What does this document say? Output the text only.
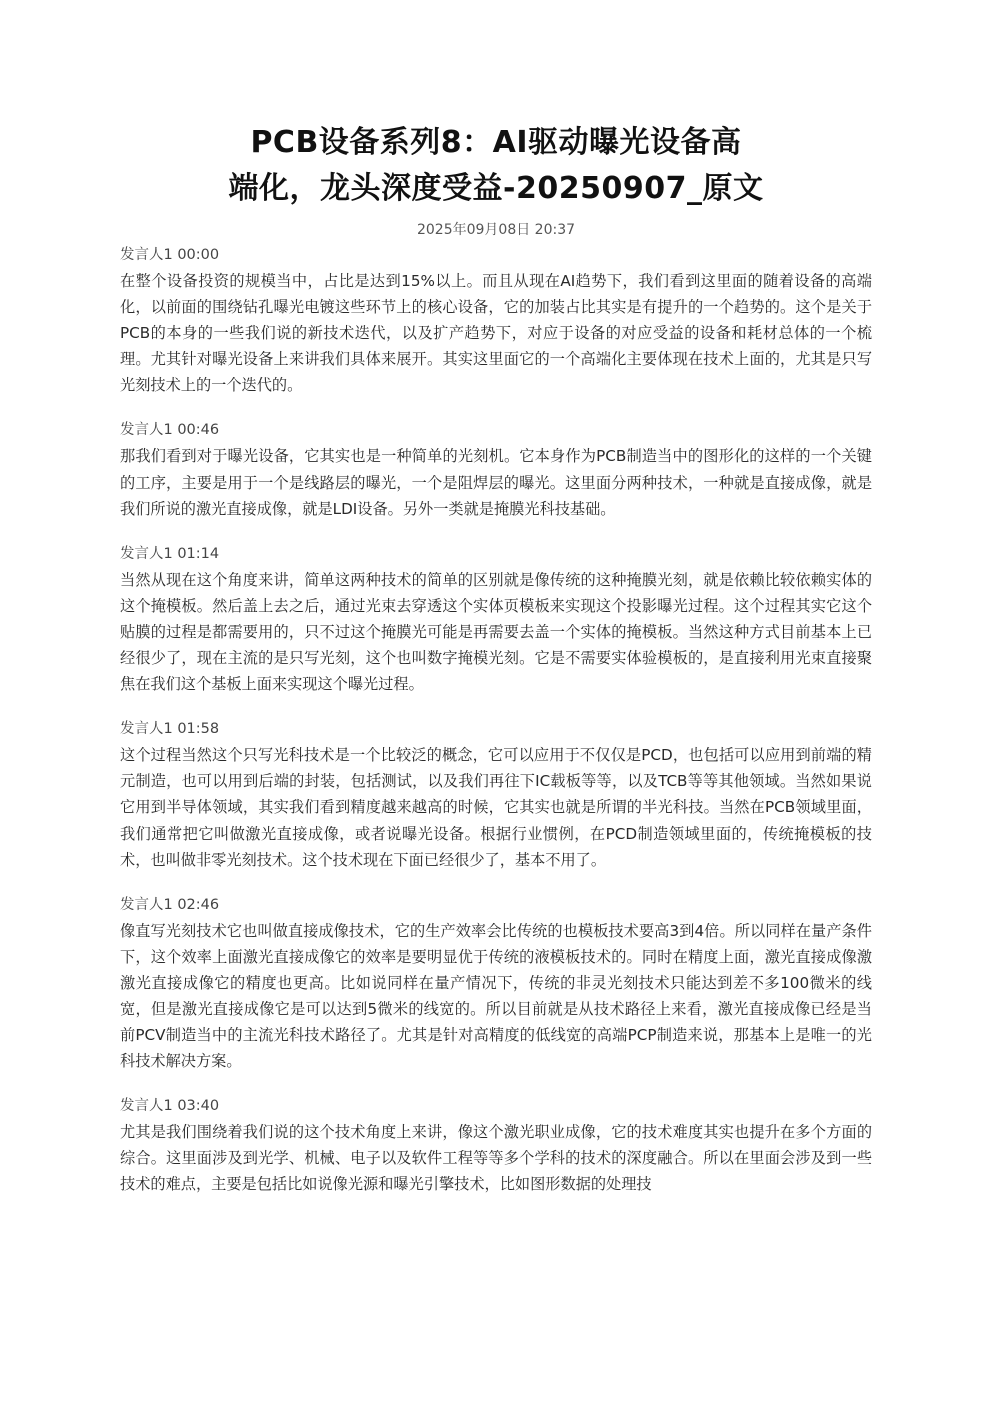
PCB设备系列8：AI驱动曝光设备高
端化，龙头深度受益-20250907_原文
2025年09月08日 20:37
发言人1 00:00

在整个设备投资的规模当中，占比是达到15%以上。而且从现在AI趋势下，我们看到这里面的随着设备的高端化，以前面的围绕钻孔曝光电镀这些环节上的核心设备，它的加装占比其实是有提升的一个趋势的。这个是关于PCB的本身的一些我们说的新技术迭代，以及扩产趋势下，对应于设备的对应受益的设备和耗材总体的一个梳理。尤其针对曝光设备上来讲我们具体来展开。其实这里面它的一个高端化主要体现在技术上面的，尤其是只写光刻技术上的一个迭代的。

发言人1 00:46

那我们看到对于曝光设备，它其实也是一种简单的光刻机。它本身作为PCB制造当中的图形化的这样的一个关键的工序，主要是用于一个是线路层的曝光，一个是阻焊层的曝光。这里面分两种技术，一种就是直接成像，就是我们所说的激光直接成像，就是LDI设备。另外一类就是掩膜光科技基础。

发言人1 01:14

当然从现在这个角度来讲，简单这两种技术的简单的区别就是像传统的这种掩膜光刻，就是依赖比较依赖实体的这个掩模板。然后盖上去之后，通过光束去穿透这个实体页模板来实现这个投影曝光过程。这个过程其实它这个贴膜的过程是都需要用的，只不过这个掩膜光可能是再需要去盖一个实体的掩模板。当然这种方式目前基本上已经很少了，现在主流的是只写光刻，这个也叫数字掩模光刻。它是不需要实体验模板的，是直接利用光束直接聚焦在我们这个基板上面来实现这个曝光过程。

发言人1 01:58

这个过程当然这个只写光科技术是一个比较泛的概念，它可以应用于不仅仅是PCD，也包括可以应用到前端的精元制造，也可以用到后端的封装，包括测试，以及我们再往下IC载板等等，以及TCB等等其他领域。当然如果说它用到半导体领域，其实我们看到精度越来越高的时候，它其实也就是所谓的半光科技。当然在PCB领域里面，我们通常把它叫做激光直接成像，或者说曝光设备。根据行业惯例，在PCD制造领域里面的，传统掩模板的技术，也叫做非零光刻技术。这个技术现在下面已经很少了，基本不用了。

发言人1 02:46

像直写光刻技术它也叫做直接成像技术，它的生产效率会比传统的也模板技术要高3到4倍。所以同样在量产条件下，这个效率上面激光直接成像它的效率是要明显优于传统的液模板技术的。同时在精度上面，激光直接成像激激光直接成像它的精度也更高。比如说同样在量产情况下，传统的非灵光刻技术只能达到差不多100微米的线宽，但是激光直接成像它是可以达到5微米的线宽的。所以目前就是从技术路径上来看，激光直接成像已经是当前PCV制造当中的主流光科技术路径了。尤其是针对高精度的低线宽的高端PCP制造来说，那基本上是唯一的光科技术解决方案。

发言人1 03:40

尤其是我们围绕着我们说的这个技术角度上来讲，像这个激光职业成像，它的技术难度其实也提升在多个方面的综合。这里面涉及到光学、机械、电子以及软件工程等等多个学科的技术的深度融合。所以在里面会涉及到一些技术的难点，主要是包括比如说像光源和曝光引擎技术，比如图形数据的处理技
